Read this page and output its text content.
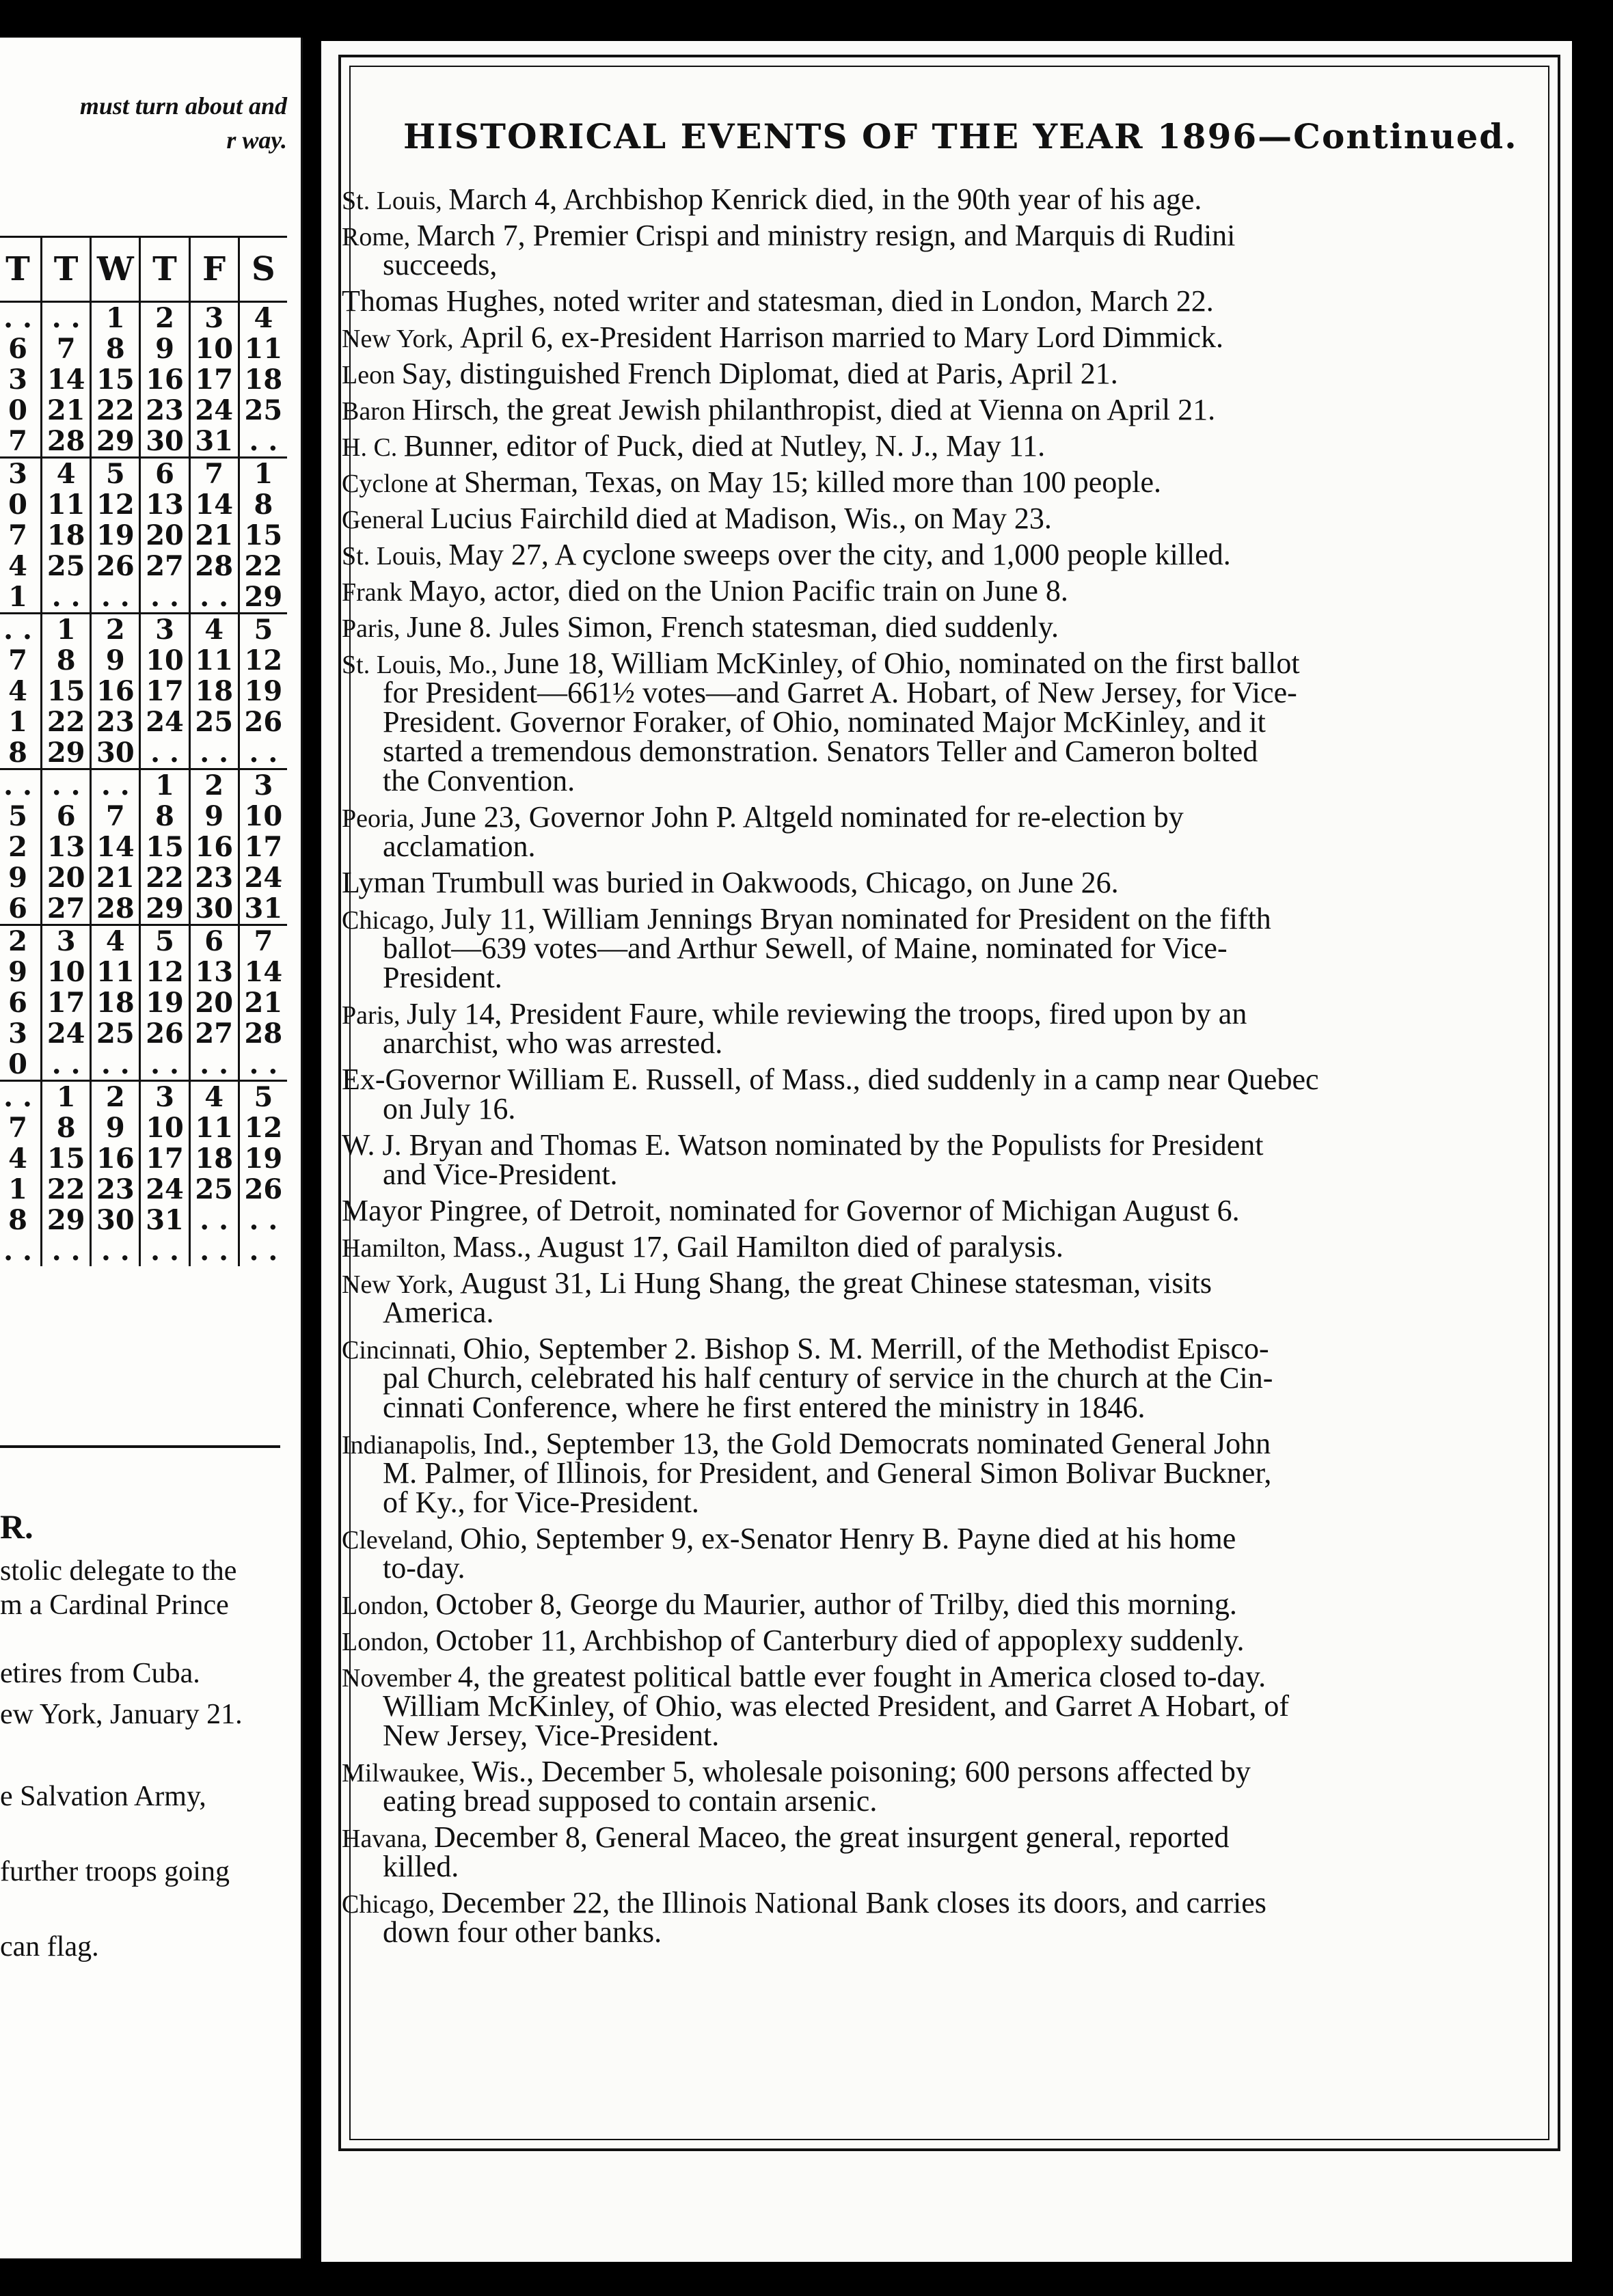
must turn about and
r way.
T	T	W	T	F	S
. .	. .	1	2	3	4
6	7	8	9	10	11
3	14	15	16	17	18
0	21	22	23	24	25
7	28	29	30	31	. .
3	4	5	6	7	1
0	11	12	13	14	8
7	18	19	20	21	15
4	25	26	27	28	22
1	. .	. .	. .	. .	29
. .	1	2	3	4	5
7	8	9	10	11	12
4	15	16	17	18	19
1	22	23	24	25	26
8	29	30	. .	. .	. .
. .	. .	. .	1	2	3
5	6	7	8	9	10
2	13	14	15	16	17
9	20	21	22	23	24
6	27	28	29	30	31
2	3	4	5	6	7
9	10	11	12	13	14
6	17	18	19	20	21
3	24	25	26	27	28
0	. .	. .	. .	. .	. .
. .	1	2	3	4	5
7	8	9	10	11	12
4	15	16	17	18	19
1	22	23	24	25	26
8	29	30	31	. .	. .
. .	. .	. .	. .	. .	. .
R.
stolic delegate to the
m a Cardinal Prince
etires from Cuba.
ew York, January 21.
e Salvation Army,
further troops going
can flag.
HISTORICAL EVENTS OF THE YEAR 1896—Continued.
St. Louis, March 4, Archbishop Kenrick died, in the 90th year of his age.
Rome, March 7, Premier Crispi and ministry resign, and Marquis di Rudini
succeeds,
Thomas Hughes, noted writer and statesman, died in London, March 22.
New York, April 6, ex-President Harrison married to Mary Lord Dimmick.
Leon Say, distinguished French Diplomat, died at Paris, April 21.
Baron Hirsch, the great Jewish philanthropist, died at Vienna on April 21.
H. C. Bunner, editor of Puck, died at Nutley, N. J., May 11.
Cyclone at Sherman, Texas, on May 15; killed more than 100 people.
General Lucius Fairchild died at Madison, Wis., on May 23.
St. Louis, May 27, A cyclone sweeps over the city, and 1,000 people killed.
Frank Mayo, actor, died on the Union Pacific train on June 8.
Paris, June 8. Jules Simon, French statesman, died suddenly.
St. Louis, Mo., June 18, William McKinley, of Ohio, nominated on the first ballot
for President—661½ votes—and Garret A. Hobart, of New Jersey, for Vice-
President. Governor Foraker, of Ohio, nominated Major McKinley, and it
started a tremendous demonstration. Senators Teller and Cameron bolted
the Convention.
Peoria, June 23, Governor John P. Altgeld nominated for re-election by
acclamation.
Lyman Trumbull was buried in Oakwoods, Chicago, on June 26.
Chicago, July 11, William Jennings Bryan nominated for President on the fifth
ballot—639 votes—and Arthur Sewell, of Maine, nominated for Vice-
President.
Paris, July 14, President Faure, while reviewing the troops, fired upon by an
anarchist, who was arrested.
Ex-Governor William E. Russell, of Mass., died suddenly in a camp near Quebec
on July 16.
W. J. Bryan and Thomas E. Watson nominated by the Populists for President
and Vice-President.
Mayor Pingree, of Detroit, nominated for Governor of Michigan August 6.
Hamilton, Mass., August 17, Gail Hamilton died of paralysis.
New York, August 31, Li Hung Shang, the great Chinese statesman, visits
America.
Cincinnati, Ohio, September 2. Bishop S. M. Merrill, of the Methodist Episco-
pal Church, celebrated his half century of service in the church at the Cin-
cinnati Conference, where he first entered the ministry in 1846.
Indianapolis, Ind., September 13, the Gold Democrats nominated General John
M. Palmer, of Illinois, for President, and General Simon Bolivar Buckner,
of Ky., for Vice-President.
Cleveland, Ohio, September 9, ex-Senator Henry B. Payne died at his home
to-day.
London, October 8, George du Maurier, author of Trilby, died this morning.
London, October 11, Archbishop of Canterbury died of appoplexy suddenly.
November 4, the greatest political battle ever fought in America closed to-day.
William McKinley, of Ohio, was elected President, and Garret A Hobart, of
New Jersey, Vice-President.
Milwaukee, Wis., December 5, wholesale poisoning; 600 persons affected by
eating bread supposed to contain arsenic.
Havana, December 8, General Maceo, the great insurgent general, reported
killed.
Chicago, December 22, the Illinois National Bank closes its doors, and carries
down four other banks.
